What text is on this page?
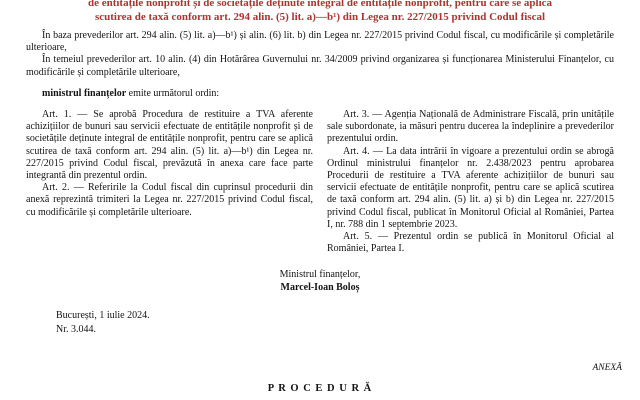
de entitățile nonprofit și de societățile deținute integral de entitățile nonprofit, pentru care se aplică
scutirea de taxă conform art. 294 alin. (5) lit. a)—b¹) din Legea nr. 227/2015 privind Codul fiscal

În baza prevederilor art. 294 alin. (5) lit. a)—b¹) și alin. (6) lit. b) din Legea nr. 227/2015 privind Codul fiscal, cu modificările și completările ulterioare,

În temeiul prevederilor art. 10 alin. (4) din Hotărârea Guvernului nr. 34/2009 privind organizarea și funcționarea Ministerului Finanțelor, cu modificările și completările ulterioare,

ministrul finanțelor emite următorul ordin:

Art. 1. — Se aprobă Procedura de restituire a TVA aferente achizițiilor de bunuri sau servicii efectuate de entitățile nonprofit și de societățile deținute integral de entitățile nonprofit, pentru care se aplică scutirea de taxă conform art. 294 alin. (5) lit. a)—b¹) din Legea nr. 227/2015 privind Codul fiscal, prevăzută în anexa care face parte integrantă din prezentul ordin.

Art. 2. — Referirile la Codul fiscal din cuprinsul procedurii din anexă reprezintă trimiteri la Legea nr. 227/2015 privind Codul fiscal, cu modificările și completările ulterioare.

Art. 3. — Agenția Națională de Administrare Fiscală, prin unitățile sale subordonate, ia măsuri pentru ducerea la îndeplinire a prevederilor prezentului ordin.

Art. 4. — La data intrării în vigoare a prezentului ordin se abrogă Ordinul ministrului finanțelor nr. 2.438/2023 pentru aprobarea Procedurii de restituire a TVA aferente achizițiilor de bunuri sau servicii efectuate de entitățile nonprofit, pentru care se aplică scutirea de taxă conform art. 294 alin. (5) lit. a) și b) din Legea nr. 227/2015 privind Codul fiscal, publicat în Monitorul Oficial al României, Partea I, nr. 788 din 1 septembrie 2023.

Art. 5. — Prezentul ordin se publică în Monitorul Oficial al României, Partea I.

Ministrul finanțelor,
Marcel-Ioan Boloș
București, 1 iulie 2024.
Nr. 3.044.
ANEXĂ
P R O C E D U R Ă
